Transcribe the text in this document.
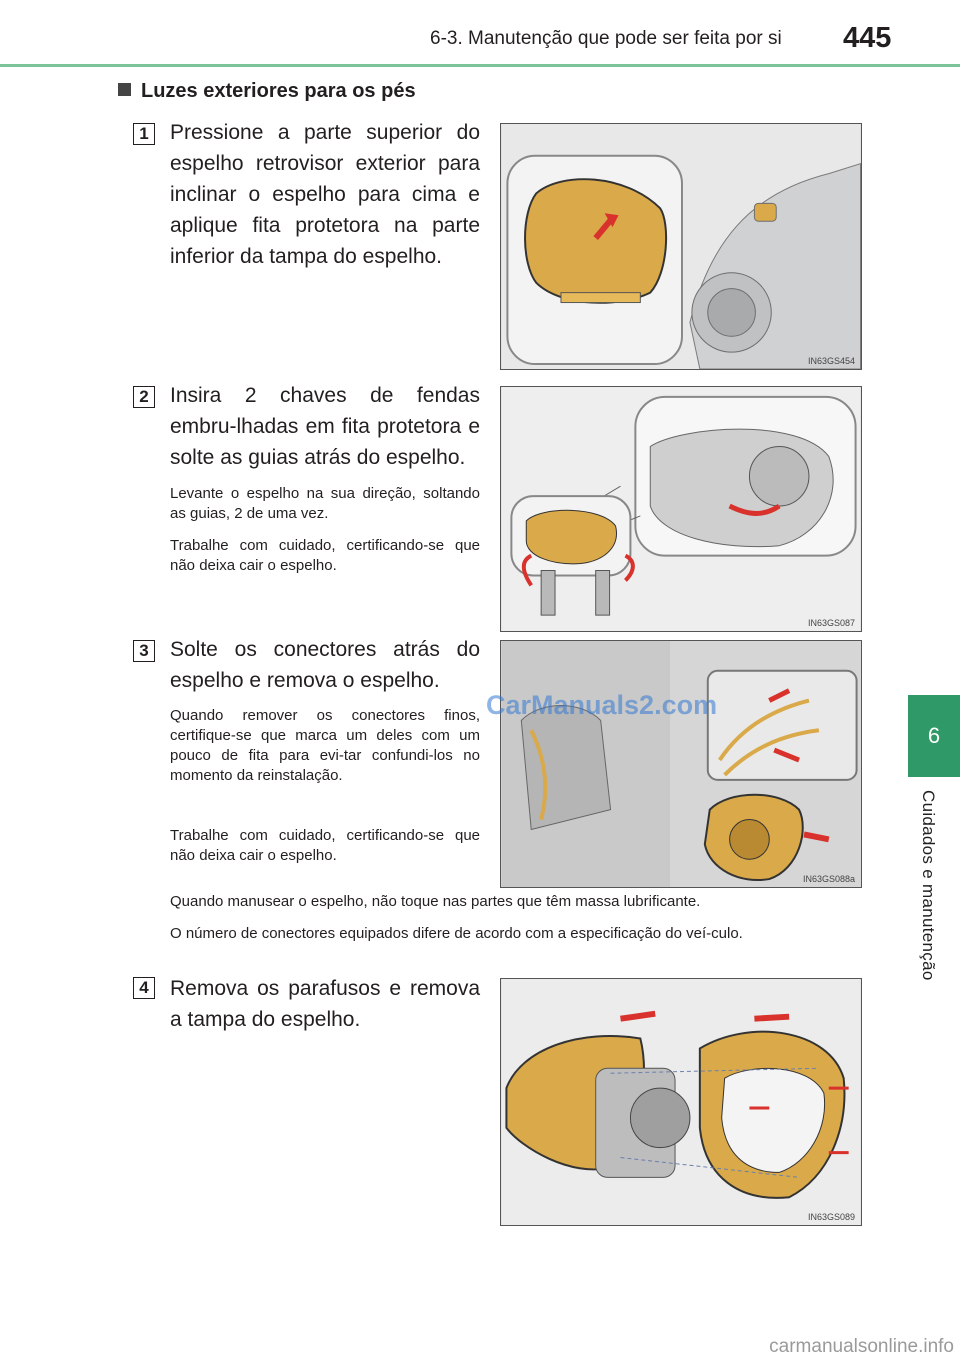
6-3. Manutenção que pode ser feita por si 445
6
Cuidados e manutenção
Luzes exteriores para os pés
1 Pressione a parte superior do espelho retrovisor exterior para inclinar o espelho para cima e aplique fita protetora na parte inferior da tampa do espelho.
IN63GS454
2 Insira 2 chaves de fendas embru-lhadas em fita protetora e solte as guias atrás do espelho.
Levante o espelho na sua direção, soltando as guias, 2 de uma vez.
Trabalhe com cuidado, certificando-se que não deixa cair o espelho.
IN63GS087
3 Solte os conectores atrás do espelho e remova o espelho.
Quando remover os conectores finos, certifique-se que marca um deles com um pouco de fita para evi-tar confundi-los no momento da reinstalação.
Trabalhe com cuidado, certificando-se que não deixa cair o espelho.
IN63GS088a
Quando manusear o espelho, não toque nas partes que têm massa lubrificante.
O número de conectores equipados difere de acordo com a especificação do veí-culo.
4 Remova os parafusos e remova a tampa do espelho.
IN63GS089
CarManuals2.com
carmanualsonline.info
